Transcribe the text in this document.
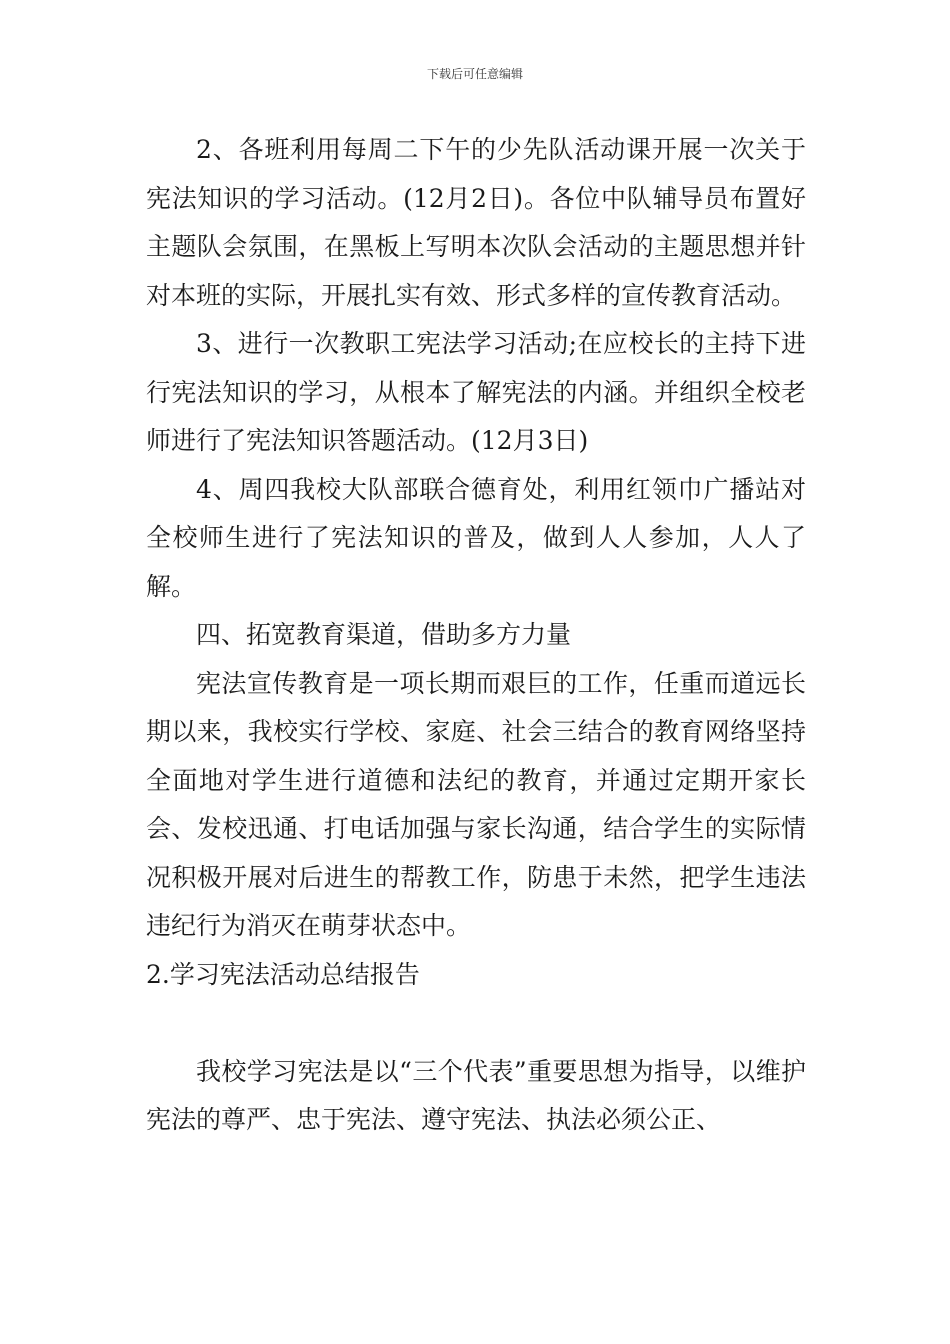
下载后可任意编辑

2、各班利用每周二下午的少先队活动课开展一次关于宪法知识的学习活动。(12月2日)。各位中队辅导员布置好主题队会氛围，在黑板上写明本次队会活动的主题思想并针对本班的实际，开展扎实有效、形式多样的宣传教育活动。

3、进行一次教职工宪法学习活动;在应校长的主持下进行宪法知识的学习，从根本了解宪法的内涵。并组织全校老师进行了宪法知识答题活动。(12月3日)

4、周四我校大队部联合德育处，利用红领巾广播站对全校师生进行了宪法知识的普及，做到人人参加，人人了解。

四、拓宽教育渠道，借助多方力量

宪法宣传教育是一项长期而艰巨的工作，任重而道远长期以来，我校实行学校、家庭、社会三结合的教育网络坚持全面地对学生进行道德和法纪的教育，并通过定期开家长会、发校迅通、打电话加强与家长沟通，结合学生的实际情况积极开展对后进生的帮教工作，防患于未然，把学生违法违纪行为消灭在萌芽状态中。

2.学习宪法活动总结报告

我校学习宪法是以“三个代表”重要思想为指导，以维护宪法的尊严、忠于宪法、遵守宪法、执法必须公正、
